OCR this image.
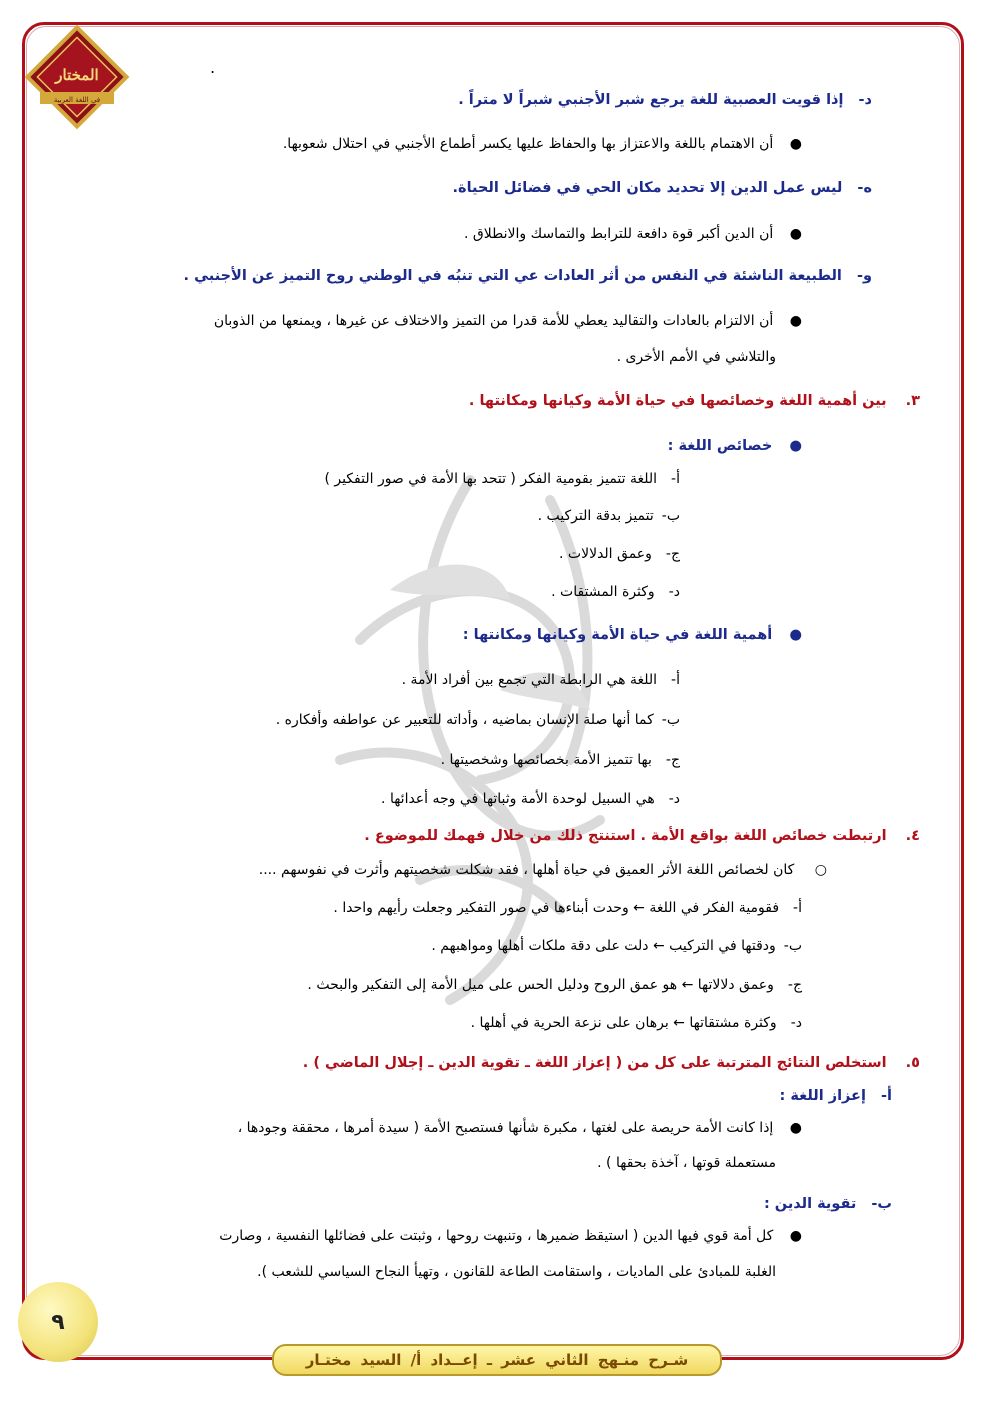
المختار
في اللغة العربية
.
د- إذا قويت العصبية للغة يرجع شبر الأجنبي شبراً لا متراً .
● أن الاهتمام باللغة والاعتزاز بها والحفاظ عليها يكسر أطماع الأجنبي في احتلال شعوبها.
ه- ليس عمل الدين إلا تحديد مكان الحي في فضائل الحياة.
● أن الدين أكبر قوة دافعة للترابط والتماسك والانطلاق .
و- الطبيعة الناشئة في النفس من أثر العادات عي التي تنبُه في الوطني روح التميز عن الأجنبي .
● أن الالتزام بالعادات والتقاليد يعطي للأمة قدرا من التميز والاختلاف عن غيرها ، ويمنعها من الذوبان
والتلاشي في الأمم الأخرى .
٣. بين أهمية اللغة وخصائصها في حياة الأمة وكيانها ومكانتها .
● خصائص اللغة :
أ-اللغة تتميز بقومية الفكر ( تتحد بها الأمة في صور التفكير )
ب-تتميز بدقة التركيب .
ج-وعمق الدلالات .
د-وكثرة المشتقات .
● أهمية اللغة في حياة الأمة وكيانها ومكانتها :
أ-اللغة هي الرابطة التي تجمع بين أفراد الأمة .
ب-كما أنها صلة الإنسان بماضيه ، وأداته للتعبير عن عواطفه وأفكاره .
ج-بها تتميز الأمة بخصائصها وشخصيتها .
د-هي السبيل لوحدة الأمة وثباتها في وجه أعدائها .
٤. ارتبطت خصائص اللغة بواقع الأمة . استنتج ذلك من خلال فهمك للموضوع .
○ كان لخصائص اللغة الأثر العميق في حياة أهلها ، فقد شكلت شخصيتهم وأثرت في نفوسهم ....
أ-فقومية الفكر في اللغة ← وحدت أبناءها في صور التفكير وجعلت رأيهم واحدا .
ب-ودقتها في التركيب ← دلت على دقة ملكات أهلها ومواهبهم .
ج-وعمق دلالاتها ← هو عمق الروح ودليل الحس على ميل الأمة إلى التفكير والبحث .
د-وكثرة مشتقاتها ← برهان على نزعة الحرية في أهلها .
٥. استخلص النتائج المترتبة على كل من ( إعزاز اللغة ـ تقوية الدين ـ إجلال الماضي ) .
أ- إعزاز اللغة :
● إذا كانت الأمة حريصة على لغتها ، مكبرة شأنها فستصبح الأمة ( سيدة أمرها ، محققة وجودها ،
مستعملة قوتها ، آخذة بحقها ) .
ب- تقوية الدين :
● كل أمة قوي فيها الدين ( استيقظ ضميرها ، وتنبهت روحها ، وثبتت على فضائلها النفسية ، وصارت
الغلبة للمبادئ على الماديات ، واستقامت الطاعة للقانون ، وتهيأ النجاح السياسي للشعب ).
٩
شـرح منـهج الثاني عشر ـ إعــداد أ/ السيد مختـار
